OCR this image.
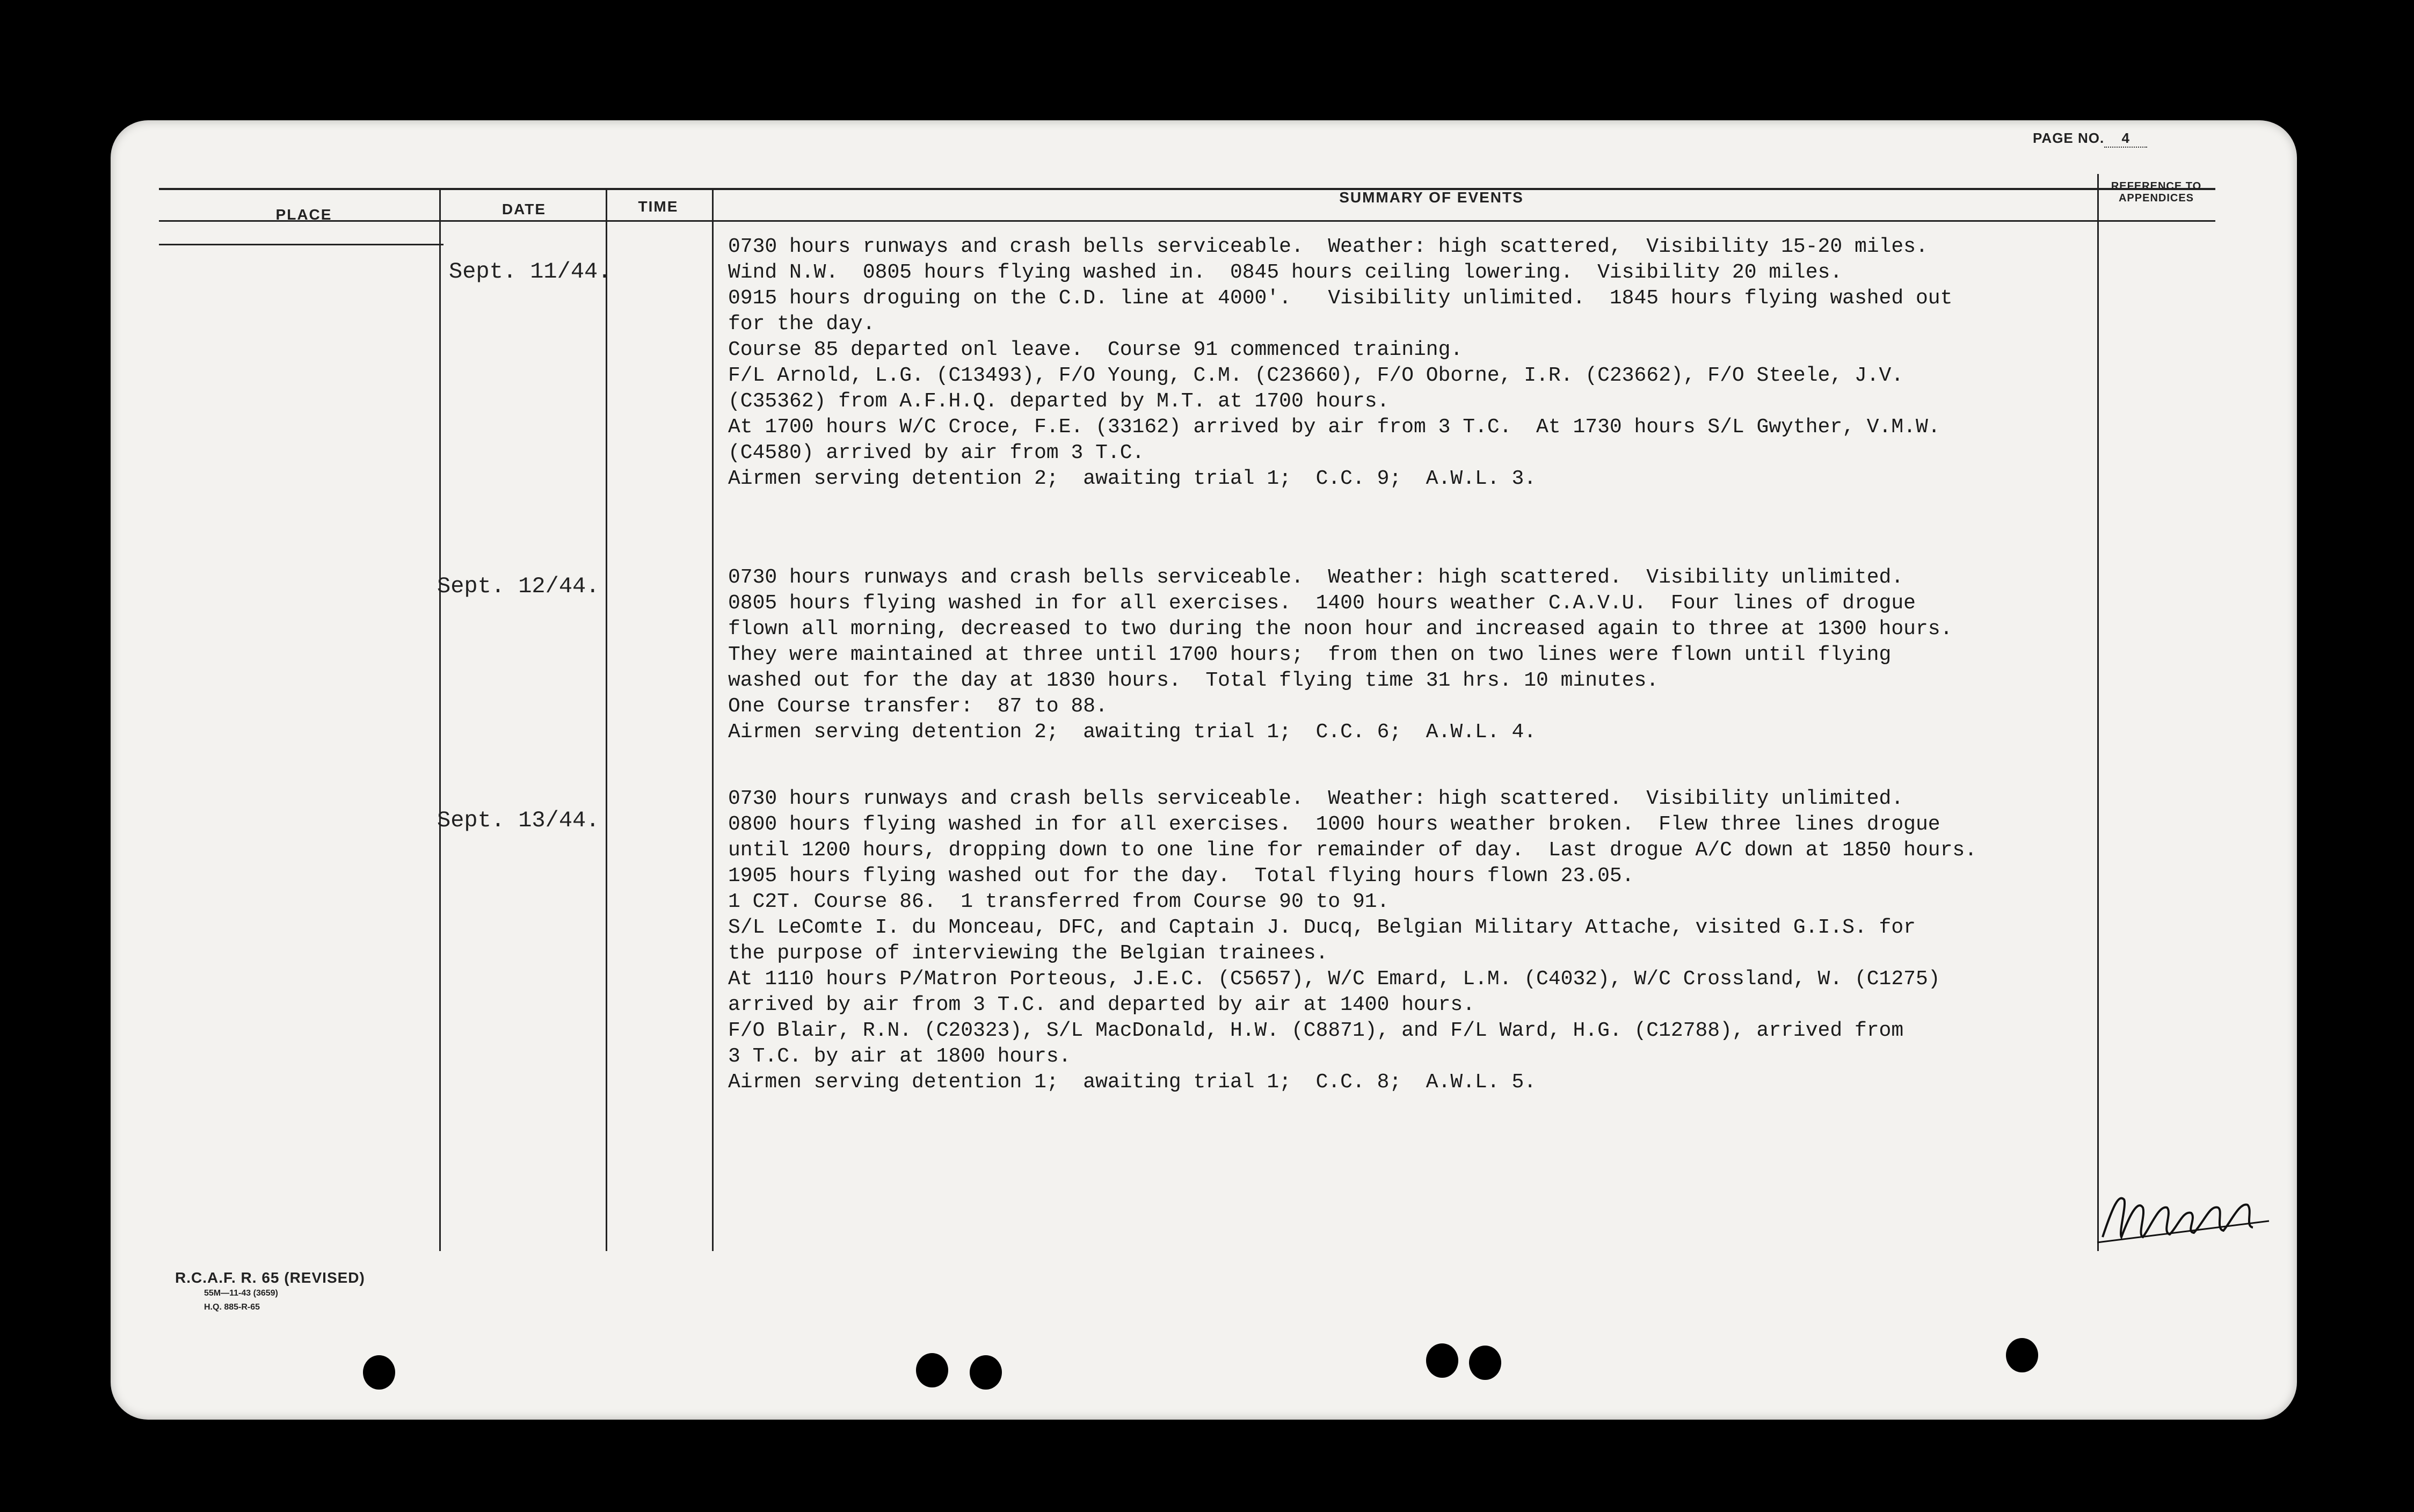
PAGE NO. 4
PLACE	DATE	TIME
SUMMARY OF EVENTS
REFERENCE TO APPENDICES
Sept. 11/44.
Sept. 12/44.
Sept. 13/44.
0730 hours runways and crash bells serviceable.  Weather: high scattered,  Visibility 15-20 miles.
Wind N.W.  0805 hours flying washed in.  0845 hours ceiling lowering.  Visibility 20 miles.
0915 hours droguing on the C.D. line at 4000'.   Visibility unlimited.  1845 hours flying washed out
for the day.
Course 85 departed onl leave.  Course 91 commenced training.
F/L Arnold, L.G. (C13493), F/O Young, C.M. (C23660), F/O Oborne, I.R. (C23662), F/O Steele, J.V.
(C35362) from A.F.H.Q. departed by M.T. at 1700 hours.
At 1700 hours W/C Croce, F.E. (33162) arrived by air from 3 T.C.  At 1730 hours S/L Gwyther, V.M.W.
(C4580) arrived by air from 3 T.C.
Airmen serving detention 2;  awaiting trial 1;  C.C. 9;  A.W.L. 3.
0730 hours runways and crash bells serviceable.  Weather: high scattered.  Visibility unlimited.
0805 hours flying washed in for all exercises.  1400 hours weather C.A.V.U.  Four lines of drogue
flown all morning, decreased to two during the noon hour and increased again to three at 1300 hours.
They were maintained at three until 1700 hours;  from then on two lines were flown until flying
washed out for the day at 1830 hours.  Total flying time 31 hrs. 10 minutes.
One Course transfer:  87 to 88.
Airmen serving detention 2;  awaiting trial 1;  C.C. 6;  A.W.L. 4.
0730 hours runways and crash bells serviceable.  Weather: high scattered.  Visibility unlimited.
0800 hours flying washed in for all exercises.  1000 hours weather broken.  Flew three lines drogue
until 1200 hours, dropping down to one line for remainder of day.  Last drogue A/C down at 1850 hours.
1905 hours flying washed out for the day.  Total flying hours flown 23.05.
1 C2T. Course 86.  1 transferred from Course 90 to 91.
S/L LeComte I. du Monceau, DFC, and Captain J. Ducq, Belgian Military Attache, visited G.I.S. for
the purpose of interviewing the Belgian trainees.
At 1110 hours P/Matron Porteous, J.E.C. (C5657), W/C Emard, L.M. (C4032), W/C Crossland, W. (C1275)
arrived by air from 3 T.C. and departed by air at 1400 hours.
F/O Blair, R.N. (C20323), S/L MacDonald, H.W. (C8871), and F/L Ward, H.G. (C12788), arrived from
3 T.C. by air at 1800 hours.
Airmen serving detention 1;  awaiting trial 1;  C.C. 8;  A.W.L. 5.
R.C.A.F. R. 65 (REVISED)
55M—11-43 (3659)
H.Q. 885-R-65
